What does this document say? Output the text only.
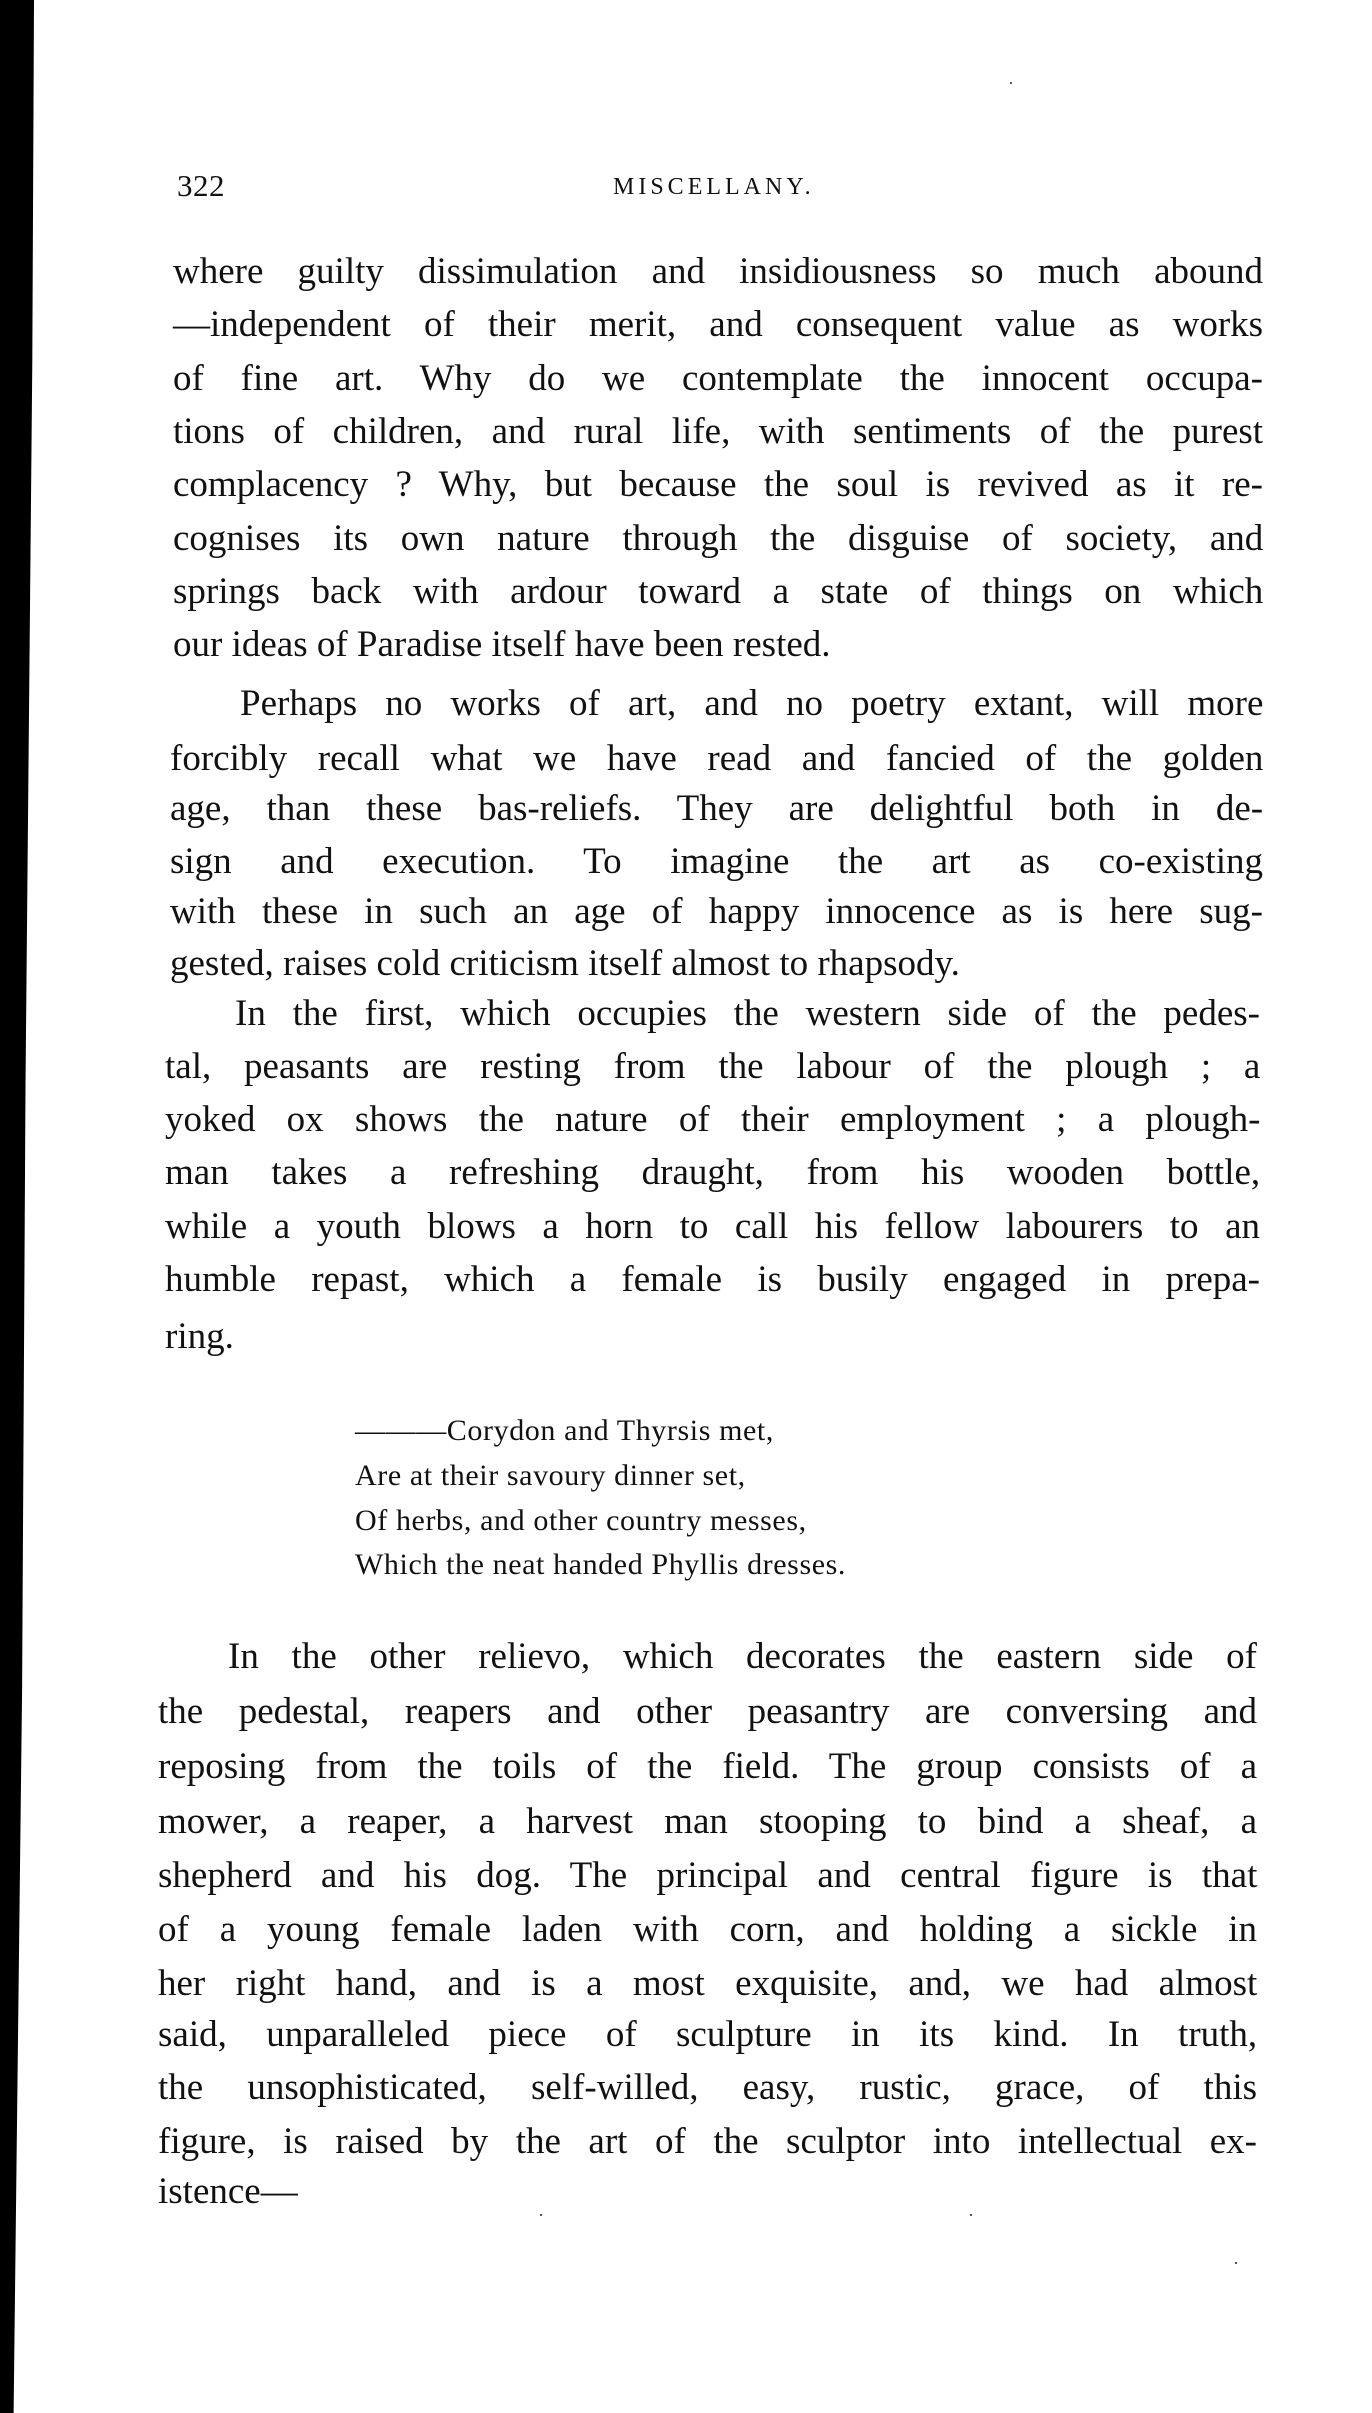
322	MISCELLANY.
where guilty dissimulation and insidiousness so much abound
—independent of their merit, and consequent value as works
of fine art. Why do we contemplate the innocent occupa-
tions of children, and rural life, with sentiments of the purest
complacency ? Why, but because the soul is revived as it re-
cognises its own nature through the disguise of society, and
springs back with ardour toward a state of things on which
our ideas of Paradise itself have been rested.
Perhaps no works of art, and no poetry extant, will more
forcibly recall what we have read and fancied of the golden
age, than these bas-reliefs. They are delightful both in de-
sign and execution. To imagine the art as co-existing
with these in such an age of happy innocence as is here sug-
gested, raises cold criticism itself almost to rhapsody.
In the first, which occupies the western side of the pedes-
tal, peasants are resting from the labour of the plough ; a
yoked ox shows the nature of their employment ; a plough-
man takes a refreshing draught, from his wooden bottle,
while a youth blows a horn to call his fellow labourers to an
humble repast, which a female is busily engaged in prepa-
ring.
———Corydon and Thyrsis met,
Are at their savoury dinner set,
Of herbs, and other country messes,
Which the neat handed Phyllis dresses.
In the other relievo, which decorates the eastern side of
the pedestal, reapers and other peasantry are conversing and
reposing from the toils of the field. The group consists of a
mower, a reaper, a harvest man stooping to bind a sheaf, a
shepherd and his dog. The principal and central figure is that
of a young female laden with corn, and holding a sickle in
her right hand, and is a most exquisite, and, we had almost
said, unparalleled piece of sculpture in its kind. In truth,
the unsophisticated, self-willed, easy, rustic, grace, of this
figure, is raised by the art of the sculptor into intellectual ex-
istence—
